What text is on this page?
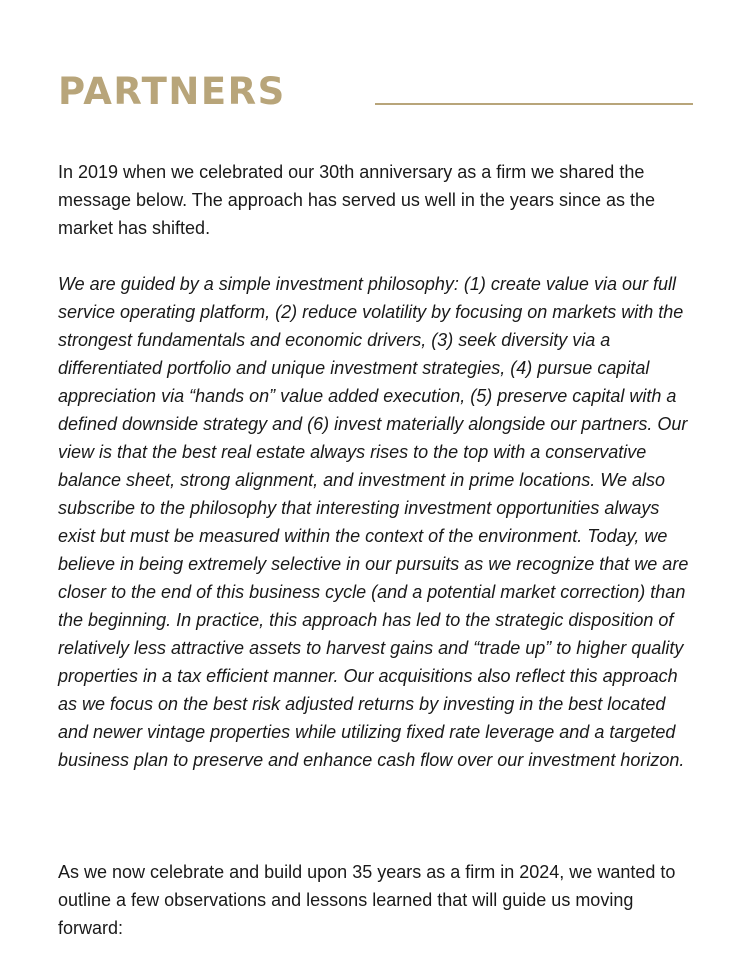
PARTNERS

In 2019 when we celebrated our 30th anniversary as a firm we shared the message below. The approach has served us well in the years since as the market has shifted.

We are guided by a simple investment philosophy: (1) create value via our full service operating platform, (2) reduce volatility by focusing on markets with the strongest fundamentals and economic drivers, (3) seek diversity via a differentiated portfolio and unique investment strategies, (4) pursue capital appreciation via “hands on” value added execution, (5) preserve capital with a defined downside strategy and (6) invest materially alongside our partners. Our view is that the best real estate always rises to the top with a conservative balance sheet, strong alignment, and investment in prime locations. We also subscribe to the philosophy that interesting investment opportunities always exist but must be measured within the context of the environment. Today, we believe in being extremely selective in our pursuits as we recognize that we are closer to the end of this business cycle (and a potential market correction) than the beginning. In practice, this approach has led to the strategic disposition of relatively less attractive assets to harvest gains and “trade up” to higher quality properties in a tax efficient manner. Our acquisitions also reflect this approach as we focus on the best risk adjusted returns by investing in the best located and newer vintage properties while utilizing fixed rate leverage and a targeted business plan to preserve and enhance cash flow over our investment horizon.

As we now celebrate and build upon 35 years as a firm in 2024, we wanted to outline a few observations and lessons learned that will guide us moving forward:
